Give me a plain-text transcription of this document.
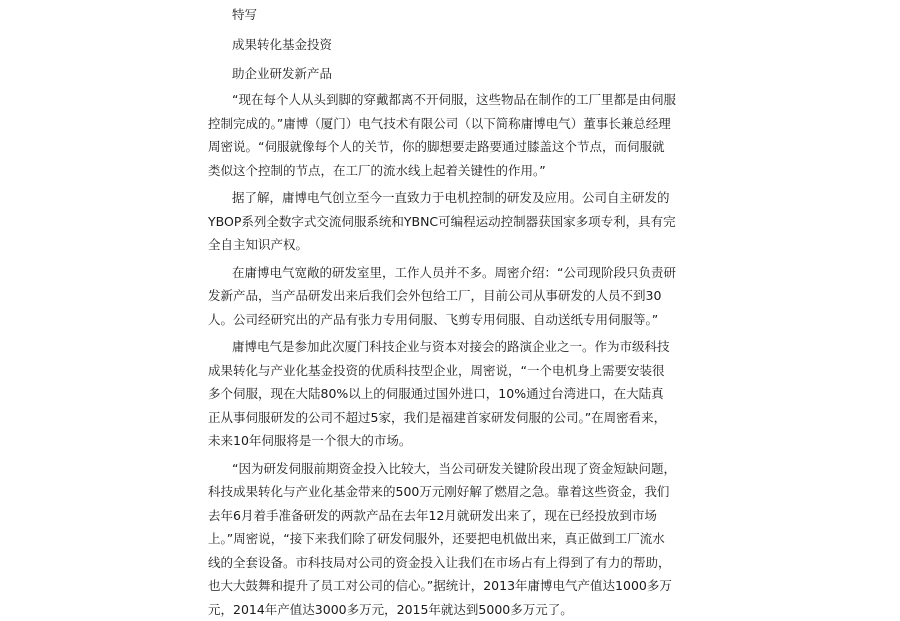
特写

成果转化基金投资

助企业研发新产品

“现在每个人从头到脚的穿戴都离不开伺服，这些物品在制作的工厂里都是由伺服控制完成的。”庸博（厦门）电气技术有限公司（以下简称庸博电气）董事长兼总经理周密说。“伺服就像每个人的关节，你的脚想要走路要通过膝盖这个节点，而伺服就类似这个控制的节点，在工厂的流水线上起着关键性的作用。”

据了解，庸博电气创立至今一直致力于电机控制的研发及应用。公司自主研发的YBOP系列全数字式交流伺服系统和YBNC可编程运动控制器获国家多项专利，具有完全自主知识产权。

在庸博电气宽敞的研发室里，工作人员并不多。周密介绍：“公司现阶段只负责研发新产品，当产品研发出来后我们会外包给工厂，目前公司从事研发的人员不到30人。公司经研究出的产品有张力专用伺服、飞剪专用伺服、自动送纸专用伺服等。”

庸博电气是参加此次厦门科技企业与资本对接会的路演企业之一。作为市级科技成果转化与产业化基金投资的优质科技型企业，周密说，“一个电机身上需要安装很多个伺服，现在大陆80%以上的伺服通过国外进口，10%通过台湾进口，在大陆真正从事伺服研发的公司不超过5家，我们是福建首家研发伺服的公司。”在周密看来，未来10年伺服将是一个很大的市场。

“因为研发伺服前期资金投入比较大，当公司研发关键阶段出现了资金短缺问题，科技成果转化与产业化基金带来的500万元刚好解了燃眉之急。靠着这些资金，我们去年6月着手准备研发的两款产品在去年12月就研发出来了，现在已经投放到市场上。”周密说，“接下来我们除了研发伺服外，还要把电机做出来，真正做到工厂流水线的全套设备。市科技局对公司的资金投入让我们在市场占有上得到了有力的帮助，也大大鼓舞和提升了员工对公司的信心。”据统计，2013年庸博电气产值达1000多万元，2014年产值达3000多万元，2015年就达到5000多万元了。
